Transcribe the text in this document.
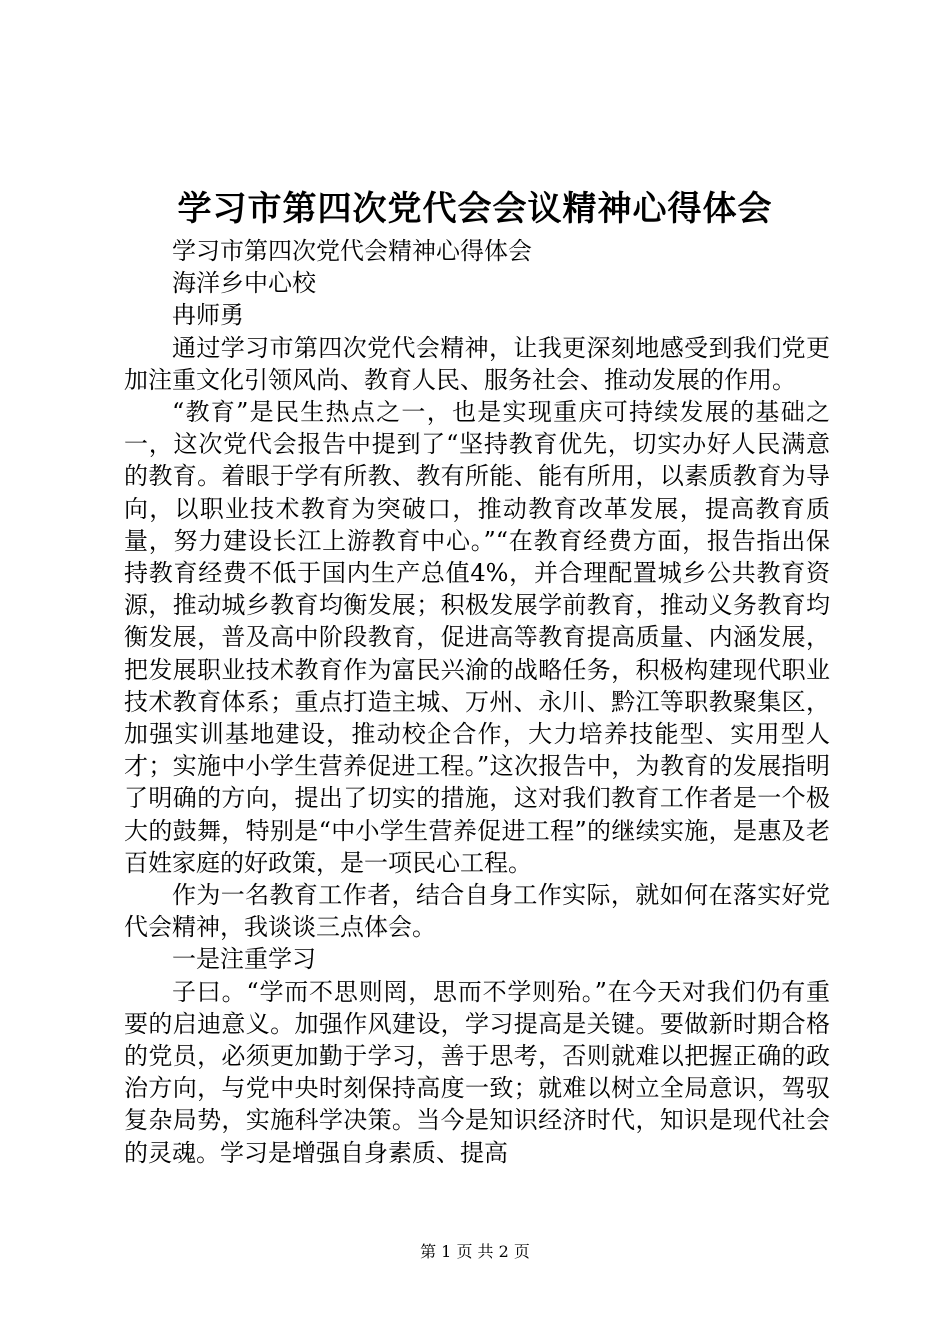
学习市第四次党代会会议精神心得体会

学习市第四次党代会精神心得体会

海洋乡中心校

冉师勇

通过学习市第四次党代会精神，让我更深刻地感受到我们党更加注重文化引领风尚、教育人民、服务社会、推动发展的作用。

“教育”是民生热点之一，也是实现重庆可持续发展的基础之一，这次党代会报告中提到了“坚持教育优先，切实办好人民满意的教育。着眼于学有所教、教有所能、能有所用，以素质教育为导向，以职业技术教育为突破口，推动教育改革发展，提高教育质量，努力建设长江上游教育中心。”“在教育经费方面，报告指出保持教育经费不低于国内生产总值4%，并合理配置城乡公共教育资源，推动城乡教育均衡发展；积极发展学前教育，推动义务教育均衡发展，普及高中阶段教育，促进高等教育提高质量、内涵发展，把发展职业技术教育作为富民兴渝的战略任务，积极构建现代职业技术教育体系；重点打造主城、万州、永川、黔江等职教聚集区，加强实训基地建设，推动校企合作，大力培养技能型、实用型人才；实施中小学生营养促进工程。”这次报告中，为教育的发展指明了明确的方向，提出了切实的措施，这对我们教育工作者是一个极大的鼓舞，特别是“中小学生营养促进工程”的继续实施，是惠及老百姓家庭的好政策，是一项民心工程。

作为一名教育工作者，结合自身工作实际，就如何在落实好党代会精神，我谈谈三点体会。

一是注重学习

子曰。“学而不思则罔，思而不学则殆。”在今天对我们仍有重要的启迪意义。加强作风建设，学习提高是关键。要做新时期合格的党员，必须更加勤于学习，善于思考，否则就难以把握正确的政治方向，与党中央时刻保持高度一致；就难以树立全局意识，驾驭复杂局势，实施科学决策。当今是知识经济时代，知识是现代社会的灵魂。学习是增强自身素质、提高

第 1 页 共 2 页
